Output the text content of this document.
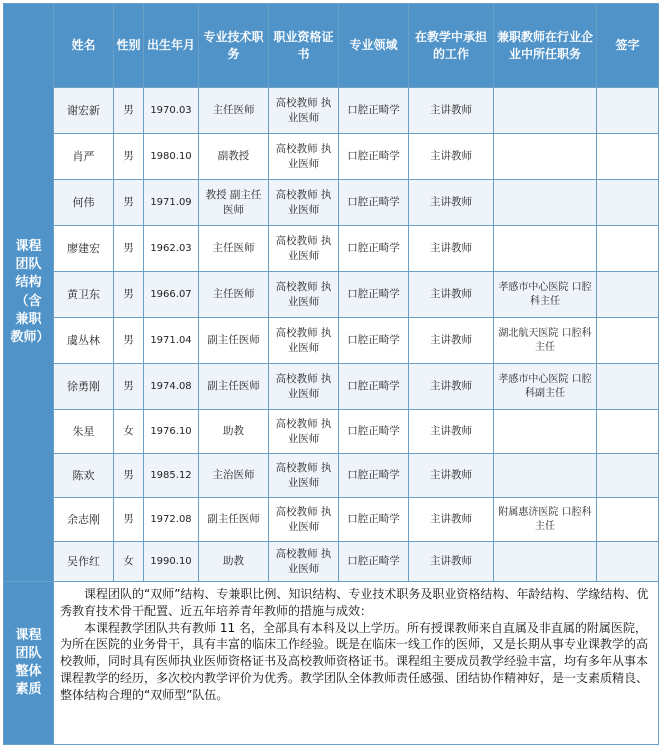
课程团队结构（含兼职教师）	姓名	性别	出生年月	专业技术职务	职业资格证书	专业领域	在教学中承担的工作	兼职教师在行业企业中所任职务	签字
	谢宏新	男	1970.03	主任医师	高校教师 执业医师	口腔正畸学	主讲教师		
	肖严	男	1980.10	副教授	高校教师 执业医师	口腔正畸学	主讲教师		
	何伟	男	1971.09	教授 副主任医师	高校教师 执业医师	口腔正畸学	主讲教师		
	廖建宏	男	1962.03	主任医师	高校教师 执业医师	口腔正畸学	主讲教师		
	黄卫东	男	1966.07	主任医师	高校教师 执业医师	口腔正畸学	主讲教师	孝感市中心医院 口腔科主任	
	虞丛林	男	1971.04	副主任医师	高校教师 执业医师	口腔正畸学	主讲教师	湖北航天医院 口腔科主任	
	徐勇刚	男	1974.08	副主任医师	高校教师 执业医师	口腔正畸学	主讲教师	孝感市中心医院 口腔科副主任	
	朱星	女	1976.10	助教	高校教师 执业医师	口腔正畸学	主讲教师		
	陈欢	男	1985.12	主治医师	高校教师 执业医师	口腔正畸学	主讲教师		
	余志刚	男	1972.08	副主任医师	高校教师 执业医师	口腔正畸学	主讲教师	附属惠济医院 口腔科主任	
	吴作红	女	1990.10	助教	高校教师 执业医师	口腔正畸学	主讲教师		

课程团队整体素质	课程团队的“双师”结构、专兼职比例、知识结构、专业技术职务及职业资格结构、年龄结构、学缘结构、优秀教育技术骨干配置、近五年培养青年教师的措施与成效：

本课程教学团队共有教师 11 名，全部具有本科及以上学历。所有授课教师来自直属及非直属的附属医院，为所在医院的业务骨干，具有丰富的临床工作经验。既是在临床一线工作的医师，又是长期从事专业课教学的高校教师，同时具有医师执业医师资格证书及高校教师资格证书。课程组主要成员教学经验丰富，均有多年从事本课程教学的经历，多次校内教学评价为优秀。教学团队全体教师责任感强、团结协作精神好，是一支素质精良、整体结构合理的“双师型”队伍。								
